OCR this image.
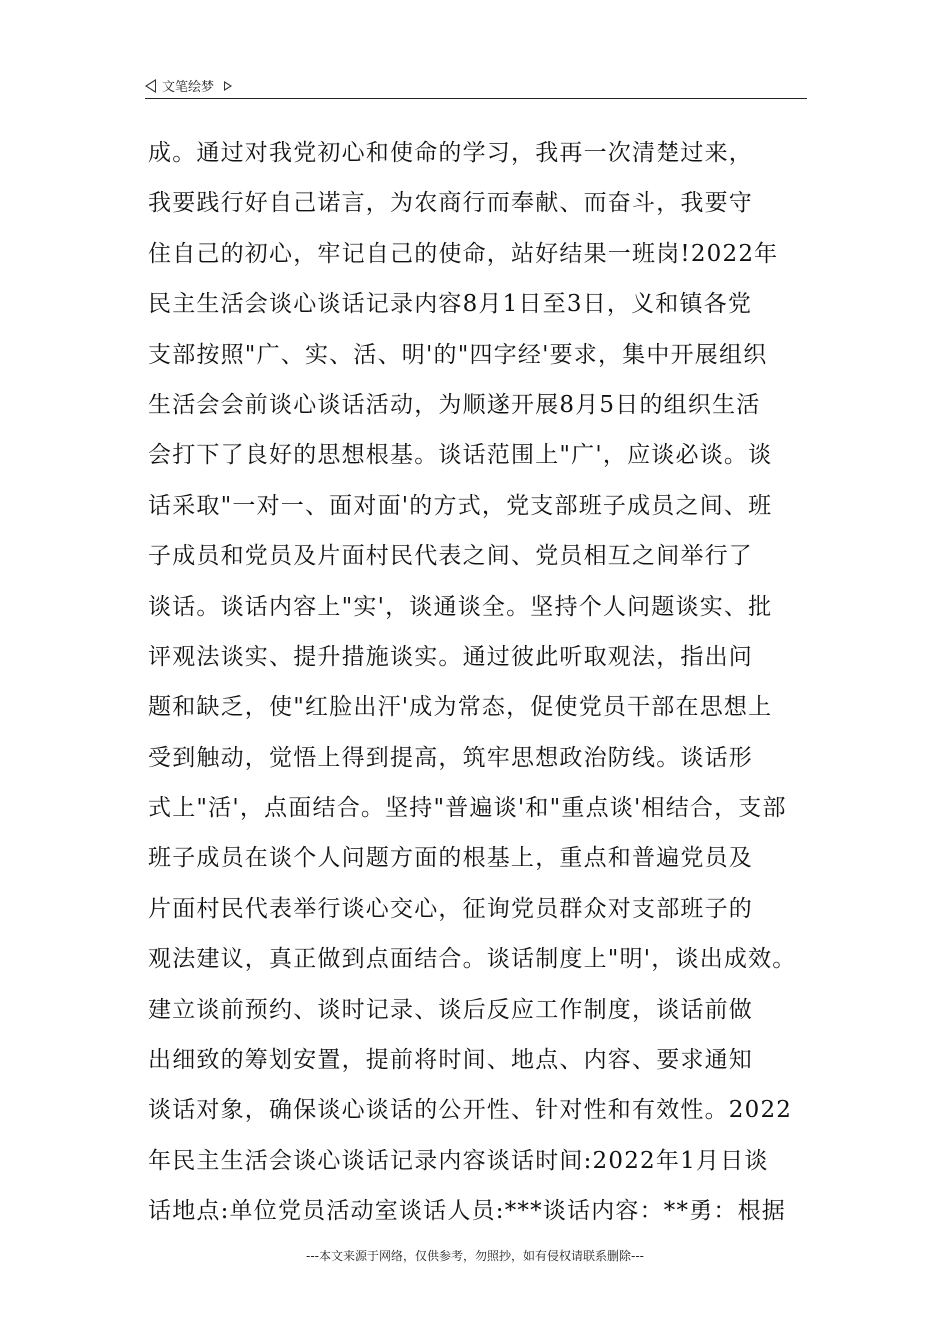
文笔绘梦
成。通过对我党初心和使命的学习，我再一次清楚过来，
我要践行好自己诺言，为农商行而奉献、而奋斗，我要守
住自己的初心，牢记自己的使命，站好结果一班岗!2022年
民主生活会谈心谈话记录内容8月1日至3日，义和镇各党
支部按照"广、实、活、明'的"四字经'要求，集中开展组织
生活会会前谈心谈话活动，为顺遂开展8月5日的组织生活
会打下了良好的思想根基。谈话范围上"广'，应谈必谈。谈
话采取"一对一、面对面'的方式，党支部班子成员之间、班
子成员和党员及片面村民代表之间、党员相互之间举行了
谈话。谈话内容上"实'，谈通谈全。坚持个人问题谈实、批
评观法谈实、提升措施谈实。通过彼此听取观法，指出问
题和缺乏，使"红脸出汗'成为常态，促使党员干部在思想上
受到触动，觉悟上得到提高，筑牢思想政治防线。谈话形
式上"活'，点面结合。坚持"普遍谈'和"重点谈'相结合，支部
班子成员在谈个人问题方面的根基上，重点和普遍党员及
片面村民代表举行谈心交心，征询党员群众对支部班子的
观法建议，真正做到点面结合。谈话制度上"明'，谈出成效。
建立谈前预约、谈时记录、谈后反应工作制度，谈话前做
出细致的筹划安置，提前将时间、地点、内容、要求通知
谈话对象，确保谈心谈话的公开性、针对性和有效性。2022
年民主生活会谈心谈话记录内容谈话时间:2022年1月日谈
话地点:单位党员活动室谈话人员:***谈话内容：**勇：根据
---本文来源于网络，仅供参考，勿照抄，如有侵权请联系删除---
